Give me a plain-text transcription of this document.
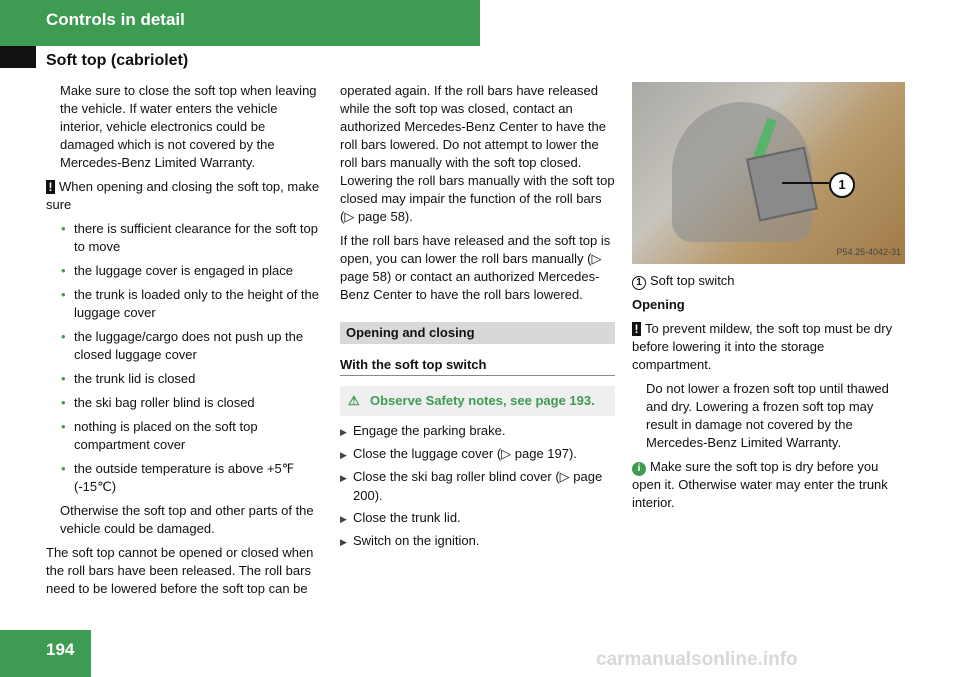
Controls in detail
Soft top (cabriolet)

Make sure to close the soft top when leaving the vehicle. If water enters the vehicle interior, vehicle electronics could be damaged which is not covered by the Mercedes-Benz Limited Warranty.

! When opening and closing the soft top, make sure

• there is sufficient clearance for the soft top to move

• the luggage cover is engaged in place

• the trunk is loaded only to the height of the luggage cover

• the luggage/cargo does not push up the closed luggage cover

• the trunk lid is closed

• the ski bag roller blind is closed

• nothing is placed on the soft top compartment cover

• the outside temperature is above +5℉ (-15℃)

Otherwise the soft top and other parts of the vehicle could be damaged.

The soft top cannot be opened or closed when the roll bars have been released. The roll bars need to be lowered before the soft top can be

operated again. If the roll bars have released while the soft top was closed, contact an authorized Mercedes-Benz Center to have the roll bars lowered. Do not attempt to lower the roll bars manually with the soft top closed. Lowering the roll bars manually with the soft top closed may impair the function of the roll bars (▷ page 58).

If the roll bars have released and the soft top is open, you can lower the roll bars manually (▷ page 58) or contact an authorized Mercedes-Benz Center to have the roll bars lowered.

Opening and closing
With the soft top switch
⚠ Observe Safety notes, see page 193.

▶ Engage the parking brake.

▶ Close the luggage cover (▷ page 197).

▶ Close the ski bag roller blind cover (▷ page 200).

▶ Close the trunk lid.

▶ Switch on the ignition.

1
P54.25-4042-31

1 Soft top switch

Opening

! To prevent mildew, the soft top must be dry before lowering it into the storage compartment.

Do not lower a frozen soft top until thawed and dry. Lowering a frozen soft top may result in damage not covered by the Mercedes-Benz Limited Warranty.

i Make sure the soft top is dry before you open it. Otherwise water may enter the trunk interior.

194	carmanualsonline.info
